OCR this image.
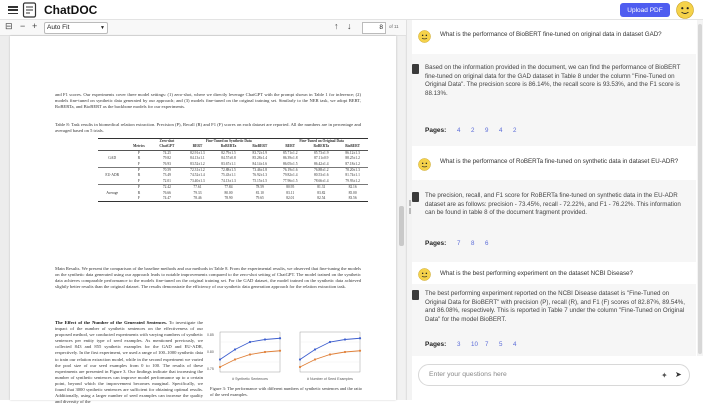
ChatDOC	Upload PDF
⊟ − +	Auto Fit	▼	↑ ↓	8	of 11
and F1 scores. Our experiments cover three model settings: (1) zero-shot, where we directly leverage ChatGPT with the prompt shown in Table 1 for inference; (2) models fine-tuned on synthetic data generated by our approach; and (3) models fine-tuned on the original training set. Similarly to the NER task, we adopt BERT, RoBERTa, and BioBERT as the backbone models for our experiments.
Table 8: Task results in biomedical relation extraction. Precision (P), Recall (R) and F1 (F) scores on each dataset are reported. All the numbers are in percentage and averaged based on 5 trials.
		Zero-shot	Fine-Tuned on Synthetic Data			Fine-Tuned on Original Data		
	Metrics	ChatGPT	BERT	RoBERTa	BioBERT	BERT	RoBERTa	BioBERT
	P	74.25	82.91±1.3	82.79±1.5	83.72±1.9	85.71±1.2	85.73±1.9	86.12±1.3
GAD	R	79.82	84.13±1.1	84.57±0.8	85.28±1.4	86.39±1.8	87.11±0.9	88.25±1.2
	F	76.93	83.52±1.2	83.67±1.1	84.14±1.6	86.05±1.5	86.42±1.4	87.18±1.2
	P	70.59	72.31±1.2	72.88±1.5	73.46±1.8	76.19±1.6	76.88±1.2	78.20±1.3
EU-ADR	R	73.49	74.52±1.4	75.43±1.1	76.92±1.3	79.82±1.4	80.53±1.6	81.74±1.1
	F	72.01	73.40±1.3	74.13±1.3	75.15±1.5	77.96±1.5	78.66±1.4	79.93±1.2
	P	72.42	77.61	77.84	78.59	80.95	81.31	82.16
Average	R	76.66	79.33	80.00	81.10	83.11	83.82	85.00
	F	74.47	78.46	78.90	79.65	82.01	82.54	83.56
Main Results. We present the comparison of the baseline methods and our methods in Table 8. From the experimental results, we observed that fine-tuning the models on the synthetic data generated using our approach leads to notable improvements compared to the zero-shot setting of ChatGPT. The model trained on the synthetic data achieves comparable performance to the models fine-tuned on the original training set. For the GAD dataset, the model trained on the synthetic data achieved slightly better results than the original dataset. The results demonstrate the efficiency of our synthetic data generation approach for the relation extraction task.
The Effect of the Number of the Generated Sentences. To investigate the impact of the number of synthetic sentences on the effectiveness of our proposed method, we conducted experiments with varying numbers of synthetic sentences per entity type of seed examples. As mentioned previously, we collected 843 and 855 synthetic examples for the GAD and EU-ADR, respectively. In the first experiment, we used a range of 100–1000 synthetic data to train our relation extraction model, while in the second experiment we varied the pool size of our seed examples from 0 to 100. The results of these experiments are presented in Figure 3. Our findings indicate that increasing the number of synthetic sentences can improve model performance up to a certain point, beyond which the improvement becomes marginal. Specifically, we found that 3000 synthetic sentences are sufficient for obtaining optimal results. Additionally, using a larger number of seed examples can increase the quality and diversity of the
# Synthetic Sentences	# Number of Seed Examples
0.85
0.80
0.75
Figure 3: The performance with different numbers of synthetic sentences and the ratio of the seed examples.
What is the performance of BioBERT fine-tuned on original data in dataset GAD?
Based on the information provided in the document, we can find the performance of BioBERT fine-tuned on original data for the GAD dataset in Table 8 under the column "Fine-Tuned on Original Data". The precision score is 86.14%, the recall score is 93.53%, and the F1 score is 88.13%.
Pages: 4 2 9 4 2
What is the performance of RoBERTa fine-tuned on synthetic data in dataset EU-ADR?
The precision, recall, and F1 score for RoBERTa fine-tuned on synthetic data in the EU-ADR dataset are as follows: precision - 73.45%, recall - 72.22%, and F1 - 76.22%. This information can be found in table 8 of the document fragment provided.
Pages: 7 8 6
What is the best performing experiment on the dataset NCBI Disease?
The best performing experiment reported on the NCBI Disease dataset is "Fine-Tuned on Original Data for BioBERT" with precision (P), recall (R), and F1 (F) scores of 82.87%, 89.54%, and 86.08%, respectively. This is reported in Table 7 under the column "Fine-Tuned on Original Data" for the model BioBERT.
Pages: 3 10 7 5 4
Enter your questions here	✦ ➤
